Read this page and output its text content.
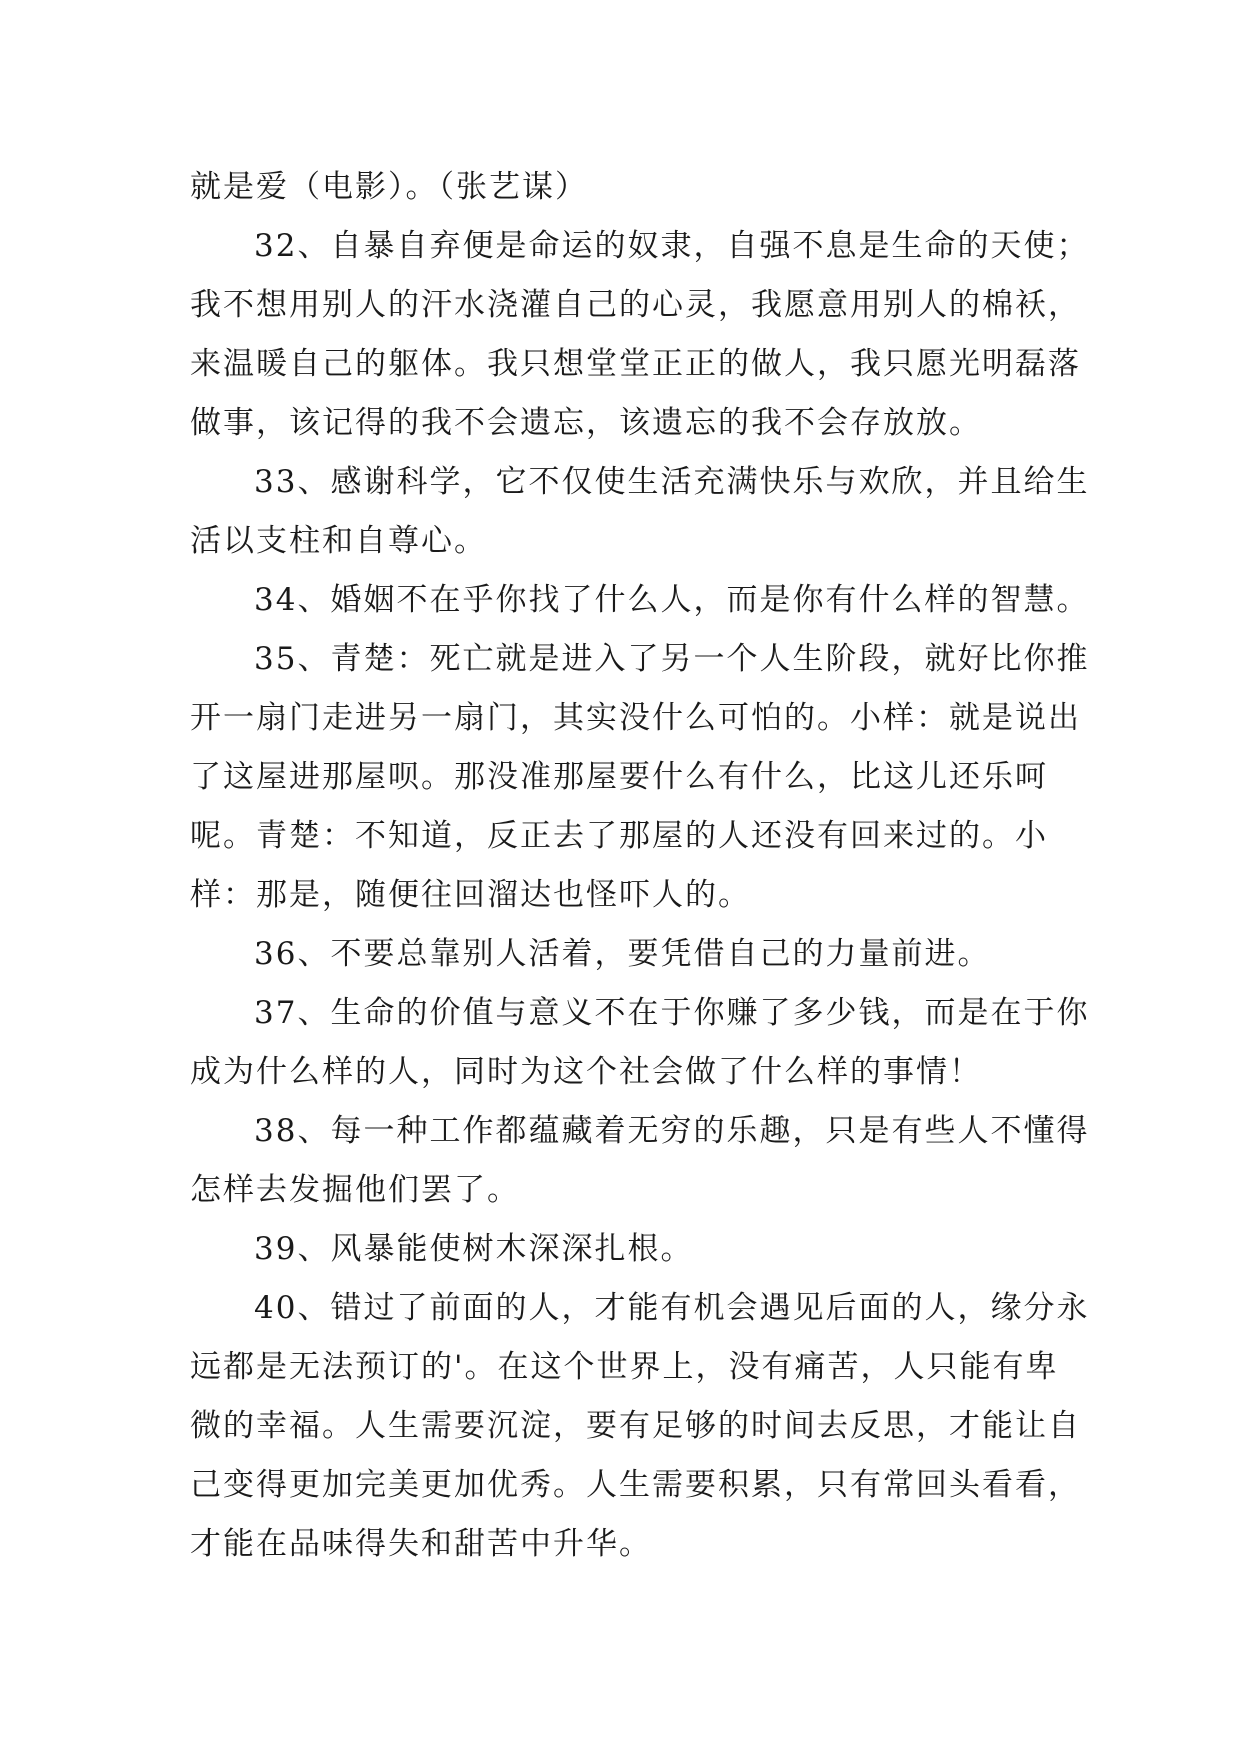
就是爱（电影）。（张艺谋）

32、自暴自弃便是命运的奴隶，自强不息是生命的天使；我不想用别人的汗水浇灌自己的心灵，我愿意用别人的棉袄，来温暖自己的躯体。我只想堂堂正正的做人，我只愿光明磊落做事，该记得的我不会遗忘，该遗忘的我不会存放放。

33、感谢科学，它不仅使生活充满快乐与欢欣，并且给生活以支柱和自尊心。

34、婚姻不在乎你找了什么人，而是你有什么样的智慧。

35、青楚：死亡就是进入了另一个人生阶段，就好比你推开一扇门走进另一扇门，其实没什么可怕的。小样：就是说出了这屋进那屋呗。那没准那屋要什么有什么，比这儿还乐呵呢。青楚：不知道，反正去了那屋的人还没有回来过的。小样：那是，随便往回溜达也怪吓人的。

36、不要总靠别人活着，要凭借自己的力量前进。

37、生命的价值与意义不在于你赚了多少钱，而是在于你成为什么样的人，同时为这个社会做了什么样的事情！

38、每一种工作都蕴藏着无穷的乐趣，只是有些人不懂得怎样去发掘他们罢了。

39、风暴能使树木深深扎根。

40、错过了前面的人，才能有机会遇见后面的人，缘分永远都是无法预订的'。在这个世界上，没有痛苦，人只能有卑微的幸福。人生需要沉淀，要有足够的时间去反思，才能让自己变得更加完美更加优秀。人生需要积累，只有常回头看看，才能在品味得失和甜苦中升华。
